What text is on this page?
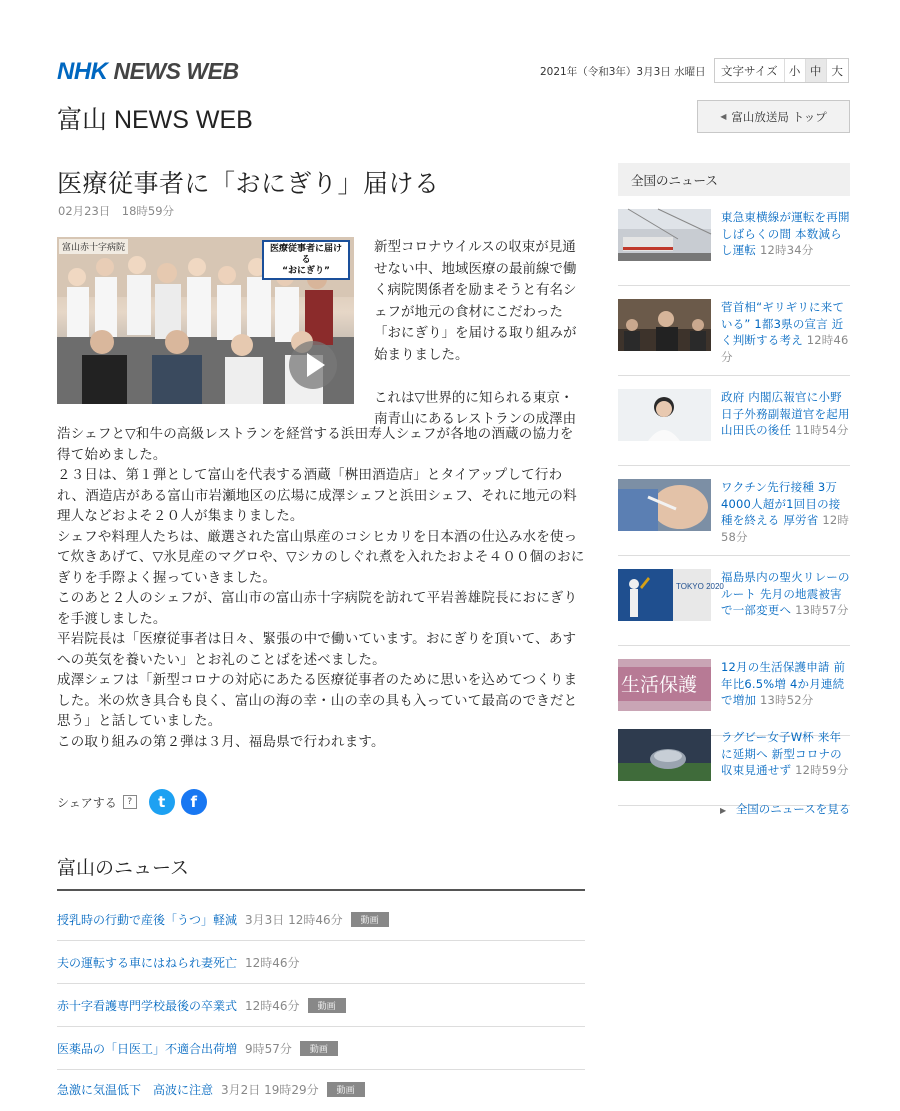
NHK NEWS WEB	2021年（令和3年）3月3日 水曜日	文字サイズ 小 中 大
富山 NEWS WEB	◀ 富山放送局 トップ
医療従事者に「おにぎり」届ける
02月23日　18時59分
富山赤十字病院	医療従事者に届ける
“おにぎり”

新型コロナウイルスの収束が見通せない中、地域医療の最前線で働く病院関係者を励まそうと有名シェフが地元の食材にこだわった「おにぎり」を届ける取り組みが始まりました。

これは▽世界的に知られる東京・南青山にあるレストランの成澤由

浩シェフと▽和牛の高級レストランを経営する浜田寿人シェフが各地の酒蔵の協力を得て始めました。

２３日は、第１弾として富山を代表する酒蔵「桝田酒造店」とタイアップして行われ、酒造店がある富山市岩瀬地区の広場に成澤シェフと浜田シェフ、それに地元の料理人などおよそ２０人が集まりました。

シェフや料理人たちは、厳選された富山県産のコシヒカリを日本酒の仕込み水を使って炊きあげて、▽氷見産のマグロや、▽シカのしぐれ煮を入れたおよそ４００個のおにぎりを手際よく握っていきました。

このあと２人のシェフが、富山市の富山赤十字病院を訪れて平岩善雄院長におにぎりを手渡しました。

平岩院長は「医療従事者は日々、緊張の中で働いています。おにぎりを頂いて、あすへの英気を養いたい」とお礼のことばを述べました。

成澤シェフは「新型コロナの対応にあたる医療従事者のために思いを込めてつくりました。米の炊き具合も良く、富山の海の幸・山の幸の具も入っていて最高のできだと思う」と話していました。

この取り組みの第２弾は３月、福島県で行われます。

シェアする	?	t	f
富山のニュース
授乳時の行動で産後「うつ」軽減 3月3日 12時46分	動画
夫の運転する車にはねられ妻死亡 12時46分
赤十字看護専門学校最後の卒業式 12時46分	動画
医薬品の「日医工」不適合出荷増 9時57分	動画
急激に気温低下　高波に注意 3月2日 19時29分	動画
全国のニュース
東急東横線が運転を再開 しばらくの間 本数減らし運転 12時34分
菅首相“ギリギリに来ている” 1都3県の宣言 近く判断する考え 12時46分
政府 内閣広報官に小野日子外務副報道官を起用 山田氏の後任 11時54分
ワクチン先行接種 3万4000人超が1回目の接種を終える 厚労省 12時58分
TOKYO 2020
福島県内の聖火リレーのルート 先月の地震被害で一部変更へ 13時57分
生活保護
12月の生活保護申請 前年比6.5%増 4か月連続で増加 13時52分
ラグビー女子W杯 来年に延期へ 新型コロナの収束見通せず 12時59分
▶ 全国のニュースを見る
